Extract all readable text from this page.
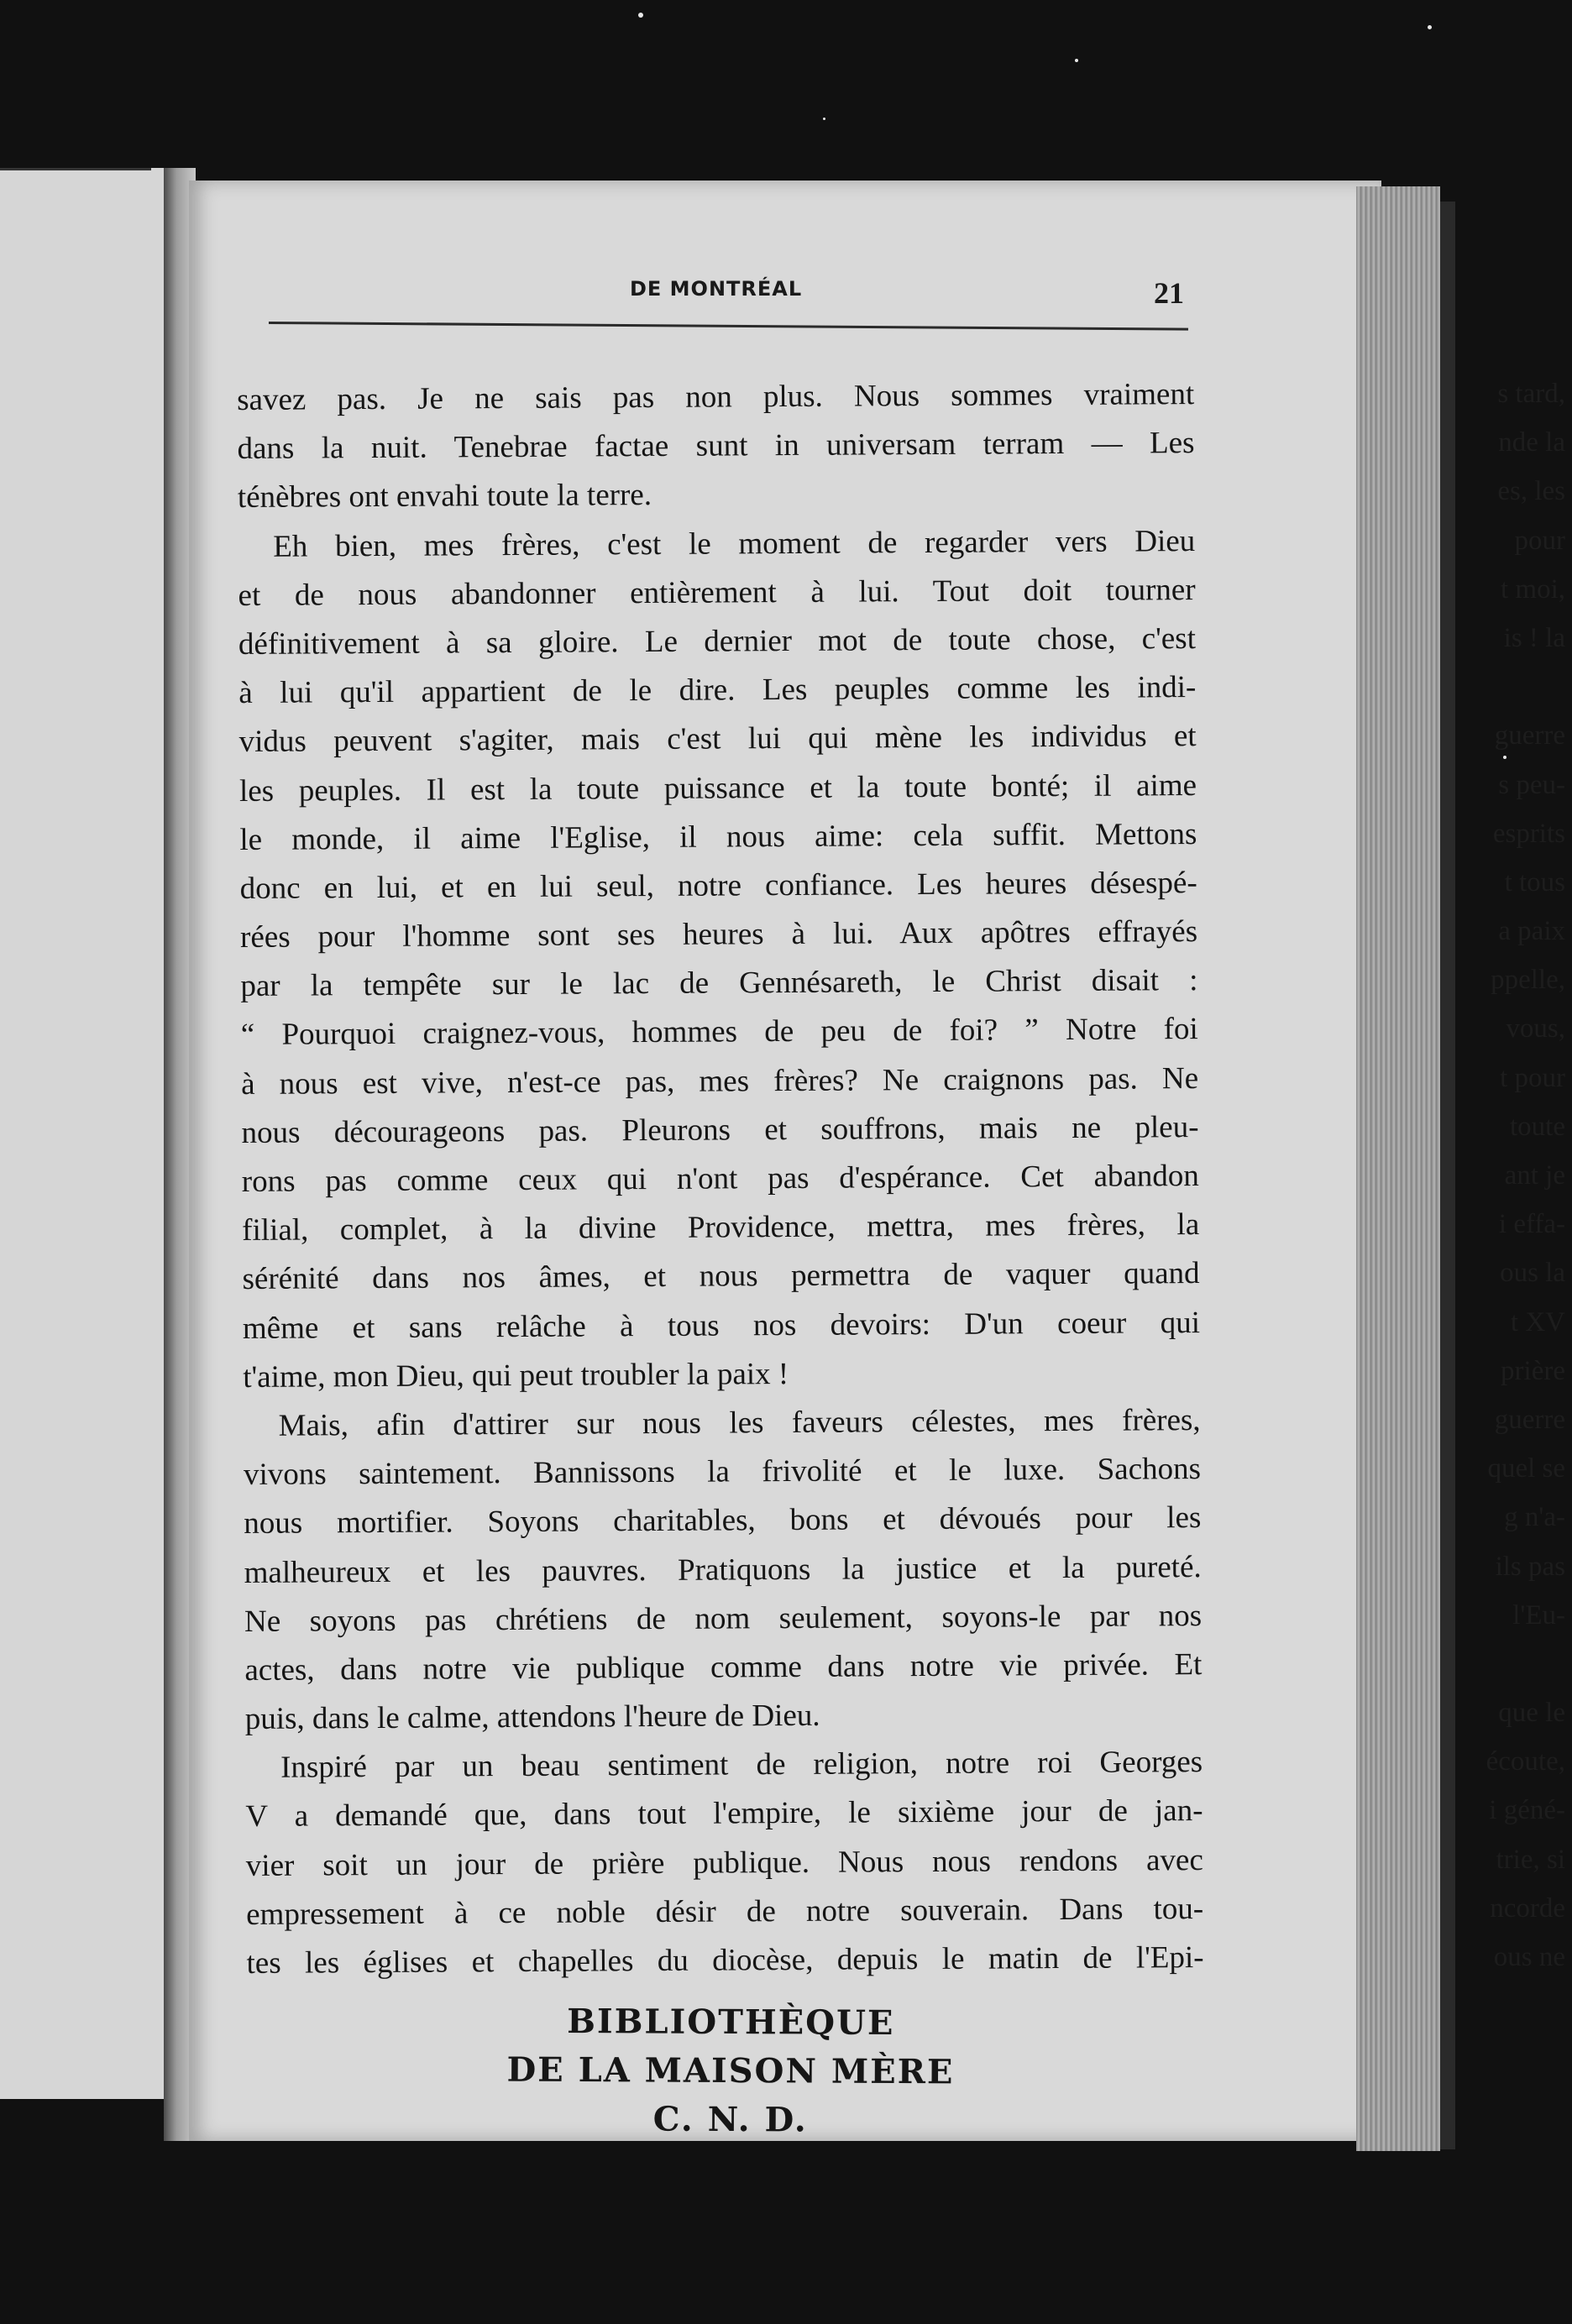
s tard,
nde la
es, les
pour
t moi,
is ! la
guerre
s peu-
esprits
t tous
a paix
ppelle,
vous,
t pour
toute
ant je
i effa-
ous la
t XV
prière
guerre
quel se
g n'a-
ils pas
l'Eu-
que le
écoute,
i géné-
trie, si
ncorde
ous ne
DE MONTRÉAL	21
savez pas. Je ne sais pas non plus. Nous sommes vraiment
dans la nuit. Tenebrae factae sunt in universam terram — Les
ténèbres ont envahi toute la terre.
Eh bien, mes frères, c'est le moment de regarder vers Dieu
et de nous abandonner entièrement à lui. Tout doit tourner
définitivement à sa gloire. Le dernier mot de toute chose, c'est
à lui qu'il appartient de le dire. Les peuples comme les indi-
vidus peuvent s'agiter, mais c'est lui qui mène les individus et
les peuples. Il est la toute puissance et la toute bonté; il aime
le monde, il aime l'Eglise, il nous aime: cela suffit. Mettons
donc en lui, et en lui seul, notre confiance. Les heures désespé-
rées pour l'homme sont ses heures à lui. Aux apôtres effrayés
par la tempête sur le lac de Gennésareth, le Christ disait :
“ Pourquoi craignez-vous, hommes de peu de foi? ” Notre foi
à nous est vive, n'est-ce pas, mes frères? Ne craignons pas. Ne
nous décourageons pas. Pleurons et souffrons, mais ne pleu-
rons pas comme ceux qui n'ont pas d'espérance. Cet abandon
filial, complet, à la divine Providence, mettra, mes frères, la
sérénité dans nos âmes, et nous permettra de vaquer quand
même et sans relâche à tous nos devoirs: D'un coeur qui
t'aime, mon Dieu, qui peut troubler la paix !
Mais, afin d'attirer sur nous les faveurs célestes, mes frères,
vivons saintement. Bannissons la frivolité et le luxe. Sachons
nous mortifier. Soyons charitables, bons et dévoués pour les
malheureux et les pauvres. Pratiquons la justice et la pureté.
Ne soyons pas chrétiens de nom seulement, soyons-le par nos
actes, dans notre vie publique comme dans notre vie privée. Et
puis, dans le calme, attendons l'heure de Dieu.
Inspiré par un beau sentiment de religion, notre roi Georges
V a demandé que, dans tout l'empire, le sixième jour de jan-
vier soit un jour de prière publique. Nous nous rendons avec
empressement à ce noble désir de notre souverain. Dans tou-
tes les églises et chapelles du diocèse, depuis le matin de l'Epi-
BIBLIOTHÈQUE
DE LA MAISON MÈRE
C. N. D.
